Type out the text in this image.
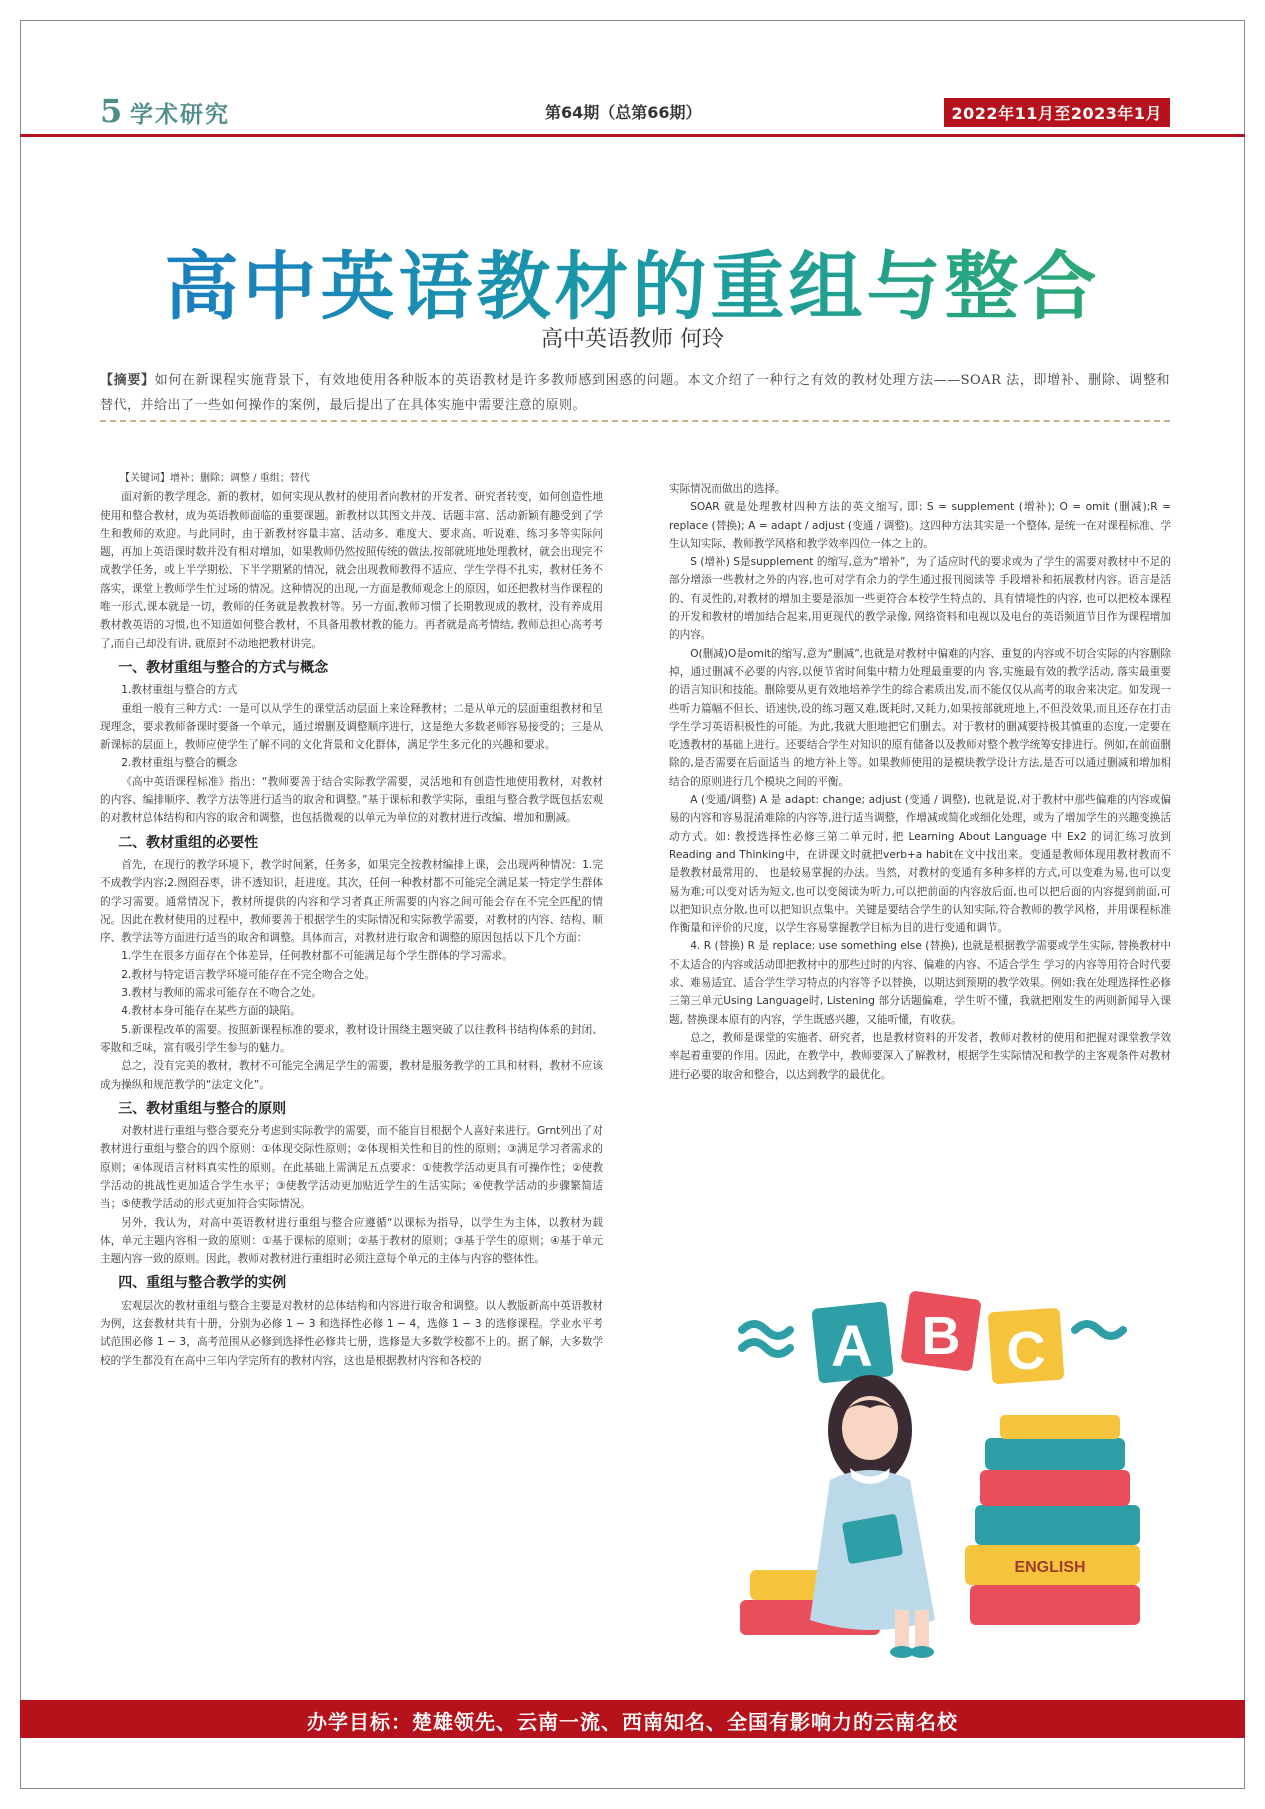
5 学术研究	第64期（总第66期）	2022年11月至2023年1月
高中英语教材的重组与整合
高中英语教师 何玲
【摘要】如何在新课程实施背景下，有效地使用各种版本的英语教材是许多教师感到困惑的问题。本文介绍了一种行之有效的教材处理方法——SOAR 法，即增补、删除、调整和替代，并给出了一些如何操作的案例，最后提出了在具体实施中需要注意的原则。

【关键词】增补；删除；调整 / 重组；替代

面对新的教学理念、新的教材，如何实现从教材的使用者向教材的开发者、研究者转变，如何创造性地使用和整合教材，成为英语教师面临的重要课题。新教材以其图文并茂、话题丰富、活动新颖有趣受到了学生和教师的欢迎。与此同时，由于新教材容量丰富、活动多、难度大、要求高、听说难、练习多等实际问题，再加上英语课时数并没有相对增加，如果教师仍然按照传统的做法,按部就班地处理教材，就会出现完不成教学任务，或上半学期松、下半学期紧的情况，就会出现教师教得不适应、学生学得不扎实，教材任务不落实，课堂上教师学生忙过场的情况。这种情况的出现,一方面是教师观念上的原因，如还把教材当作课程的唯一形式,课本就是一切，教师的任务就是教教材等。另一方面,教师习惯了长期教现成的教材，没有养成用教材教英语的习惯,也不知道如何整合教材，不具备用教材教的能力。再者就是高考情结, 教师总担心高考考了,而自己却没有讲, 就原封不动地把教材讲完。

一、教材重组与整合的方式与概念

1.教材重组与整合的方式

重组一般有三种方式：一是可以从学生的课堂活动层面上来诠释教材；二是从单元的层面重组教材和呈现理念，要求教师备课时要备一个单元，通过增删及调整顺序进行，这是绝大多数老师容易接受的；三是从新课标的层面上，教师应使学生了解不同的文化背景和文化群体，满足学生多元化的兴趣和要求。

2.教材重组与整合的概念

《高中英语课程标准》指出：“教师要善于结合实际教学需要，灵活地和有创造性地使用教材，对教材的内容、编排顺序、教学方法等进行适当的取舍和调整。”基于课标和教学实际，重组与整合教学既包括宏观的对教材总体结构和内容的取舍和调整，也包括微观的以单元为单位的对教材进行改编、增加和删减。

二、教材重组的必要性

首先，在现行的教学环境下，教学时间紧，任务多，如果完全按教材编排上课，会出现两种情况：1.完不成教学内容;2.囫囵吞枣，讲不透知识，赶进度。其次，任何一种教材都不可能完全满足某一特定学生群体的学习需要。通常情况下，教材所提供的内容和学习者真正所需要的内容之间可能会存在不完全匹配的情况。因此在教材使用的过程中，教师要善于根据学生的实际情况和实际教学需要，对教材的内容、结构、顺序、教学法等方面进行适当的取舍和调整。具体而言，对教材进行取舍和调整的原因包括以下几个方面：

1.学生在很多方面存在个体差异，任何教材都不可能满足每个学生群体的学习需求。

2.教材与特定语言教学环境可能存在不完全吻合之处。

3.教材与教师的需求可能存在不吻合之处。

4.教材本身可能存在某些方面的缺陷。

5.新课程改革的需要。按照新课程标准的要求，教材设计围绕主题突破了以往教科书结构体系的封闭、零散和乏味，富有吸引学生参与的魅力。

总之，没有完美的教材，教材不可能完全满足学生的需要，教材是服务教学的工具和材料，教材不应该成为操纵和规范教学的“法定文化”。

三、教材重组与整合的原则

对教材进行重组与整合要充分考虑到实际教学的需要，而不能盲目根据个人喜好来进行。Grnt列出了对教材进行重组与整合的四个原则：①体现交际性原则；②体现相关性和目的性的原则；③满足学习者需求的原则；④体现语言材料真实性的原则。在此基础上需满足五点要求：①使教学活动更具有可操作性；②使教学活动的挑战性更加适合学生水平；③使教学活动更加贴近学生的生活实际；④使教学活动的步骤繁简适当；⑤使教学活动的形式更加符合实际情况。

另外，我认为，对高中英语教材进行重组与整合应遵循“以课标为指导，以学生为主体，以教材为载体，单元主题内容相一致的原则：①基于课标的原则；②基于教材的原则；③基于学生的原则；④基于单元主题内容一致的原则。因此，教师对教材进行重组时必须注意每个单元的主体与内容的整体性。

四、重组与整合教学的实例

宏观层次的教材重组与整合主要是对教材的总体结构和内容进行取舍和调整。以人教版新高中英语教材为例，这套教材共有十册，分别为必修 1 − 3 和选择性必修 1 − 4，选修 1 − 3 的选修课程。学业水平考试范围必修 1 − 3，高考范围从必修到选择性必修共七册，选修是大多数学校都不上的。据了解，大多数学校的学生都没有在高中三年内学完所有的教材内容，这也是根据教材内容和各校的

实际情况而做出的选择。

SOAR 就是处理教材四种方法的英文缩写, 即: S = supplement (增补); O = omit (删减);R = replace (替换); A = adapt / adjust (变通 / 调整)。这四种方法其实是一个整体, 是统一在对课程标准、学生认知实际、教师教学风格和教学效率四位一体之上的。

S (增补) S是supplement 的缩写,意为“增补”，为了适应时代的要求或为了学生的需要对教材中不足的部分增添一些教材之外的内容,也可对学有余力的学生通过报刊阅读等 手段增补和拓展教材内容。语言是活的、有灵性的,对教材的增加主要是添加一些更符合本校学生特点的、具有情境性的内容, 也可以把校本课程的开发和教材的增加结合起来,用更现代的教学录像, 网络资料和电视以及电台的英语频道节目作为课程增加的内容。

O(删减)O是omit的缩写,意为“删减”,也就是对教材中偏难的内容、重复的内容或不切合实际的内容删除掉，通过删减不必要的内容,以便节省时间集中精力处理最重要的内 容,实施最有效的教学活动, 落实最重要的语言知识和技能。删除要从更有效地培养学生的综合素质出发,而不能仅仅从高考的取舍来决定。如发现一些听力篇幅不但长、语速快,设的练习题又难,既耗时,又耗力,如果按部就班地上,不但没效果,而且还存在打击学生学习英语积极性的可能。为此,我就大胆地把它们删去。对于教材的删减要持极其慎重的态度,一定要在吃透教材的基础上进行。还要结合学生对知识的原有储备以及教师对整个教学统筹安排进行。例如,在前面删除的,是否需要在后面适当 的地方补上等。如果教师使用的是模块教学设计方法,是否可以通过删减和增加相结合的原则进行几个模块之间的平衡。

A (变通/调整) A 是 adapt: change; adjust (变通 / 调整), 也就是说,对于教材中那些偏难的内容或偏易的内容和容易混淆难除的内容等,进行适当调整，作增减或简化或细化处理，或为了增加学生的兴趣变换活动方式。如: 教授选择性必修三第二单元时, 把 Learning About Language 中 Ex2 的词汇练习放到Reading and Thinking中，在讲课文时就把verb+a habit在文中找出来。变通是教师体现用教材教而不是教教材最常用的、 也是较易掌握的办法。当然，对教材的变通有多种多样的方式,可以变难为易,也可以变易为难;可以变对话为短文,也可以变阅读为听力,可以把前面的内容放后面,也可以把后面的内容提到前面,可以把知识点分散,也可以把知识点集中。关键是要结合学生的认知实际,符合教师的教学风格，并用课程标准作衡量和评价的尺度，以学生容易掌握教学目标为目的进行变通和调节。

4. R (替换) R 是 replace: use something else (替换), 也就是根据教学需要或学生实际, 替换教材中不太适合的内容或活动即把教材中的那些过时的内容、偏难的内容、不适合学生 学习的内容等用符合时代要求、难易适宜、适合学生学习特点的内容等予以替换，以期达到预期的教学效果。例如:我在处理选择性必修三第三单元Using Language时, Listening 部分话题偏难，学生听不懂，我就把刚发生的两则新闻导入课题, 替换课本原有的内容，学生既感兴趣，又能听懂，有收获。

总之，教师是课堂的实施者、研究者，也是教材资料的开发者，教师对教材的使用和把握对课堂教学效率起着重要的作用。因此，在教学中，教师要深入了解教材，根据学生实际情况和教学的主客观条件对教材进行必要的取舍和整合，以达到教学的最优化。

A B C
ENGLISH
办学目标：楚雄领先、云南一流、西南知名、全国有影响力的云南名校
